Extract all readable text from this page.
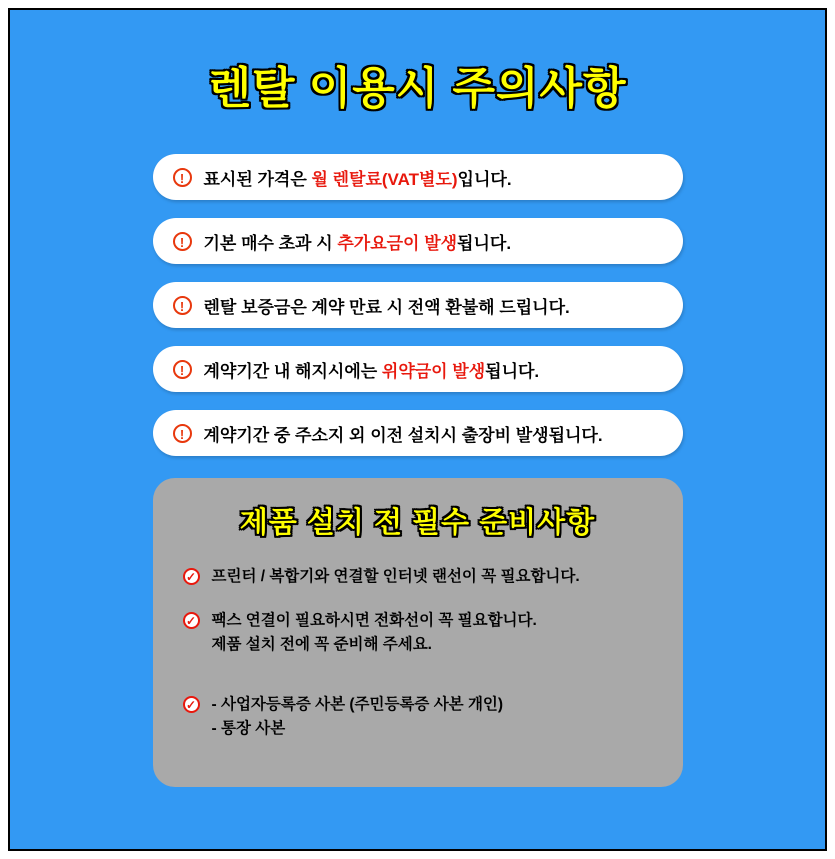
렌탈 이용시 주의사항
!	표시된 가격은 월 렌탈료(VAT별도)입니다.
!	기본 매수 초과 시 추가요금이 발생됩니다.
!	렌탈 보증금은 계약 만료 시 전액 환불해 드립니다.
!	계약기간 내 해지시에는 위약금이 발생됩니다.
!	계약기간 중 주소지 외 이전 설치시 출장비 발생됩니다.
제품 설치 전 필수 준비사항
✓ 프린터 / 복합기와 연결할 인터넷 랜선이 꼭 필요합니다.
✓ 팩스 연결이 필요하시면 전화선이 꼭 필요합니다.
제품 설치 전에 꼭 준비해 주세요.
✓ - 사업자등록증 사본 (주민등록증 사본 개인)
- 통장 사본
